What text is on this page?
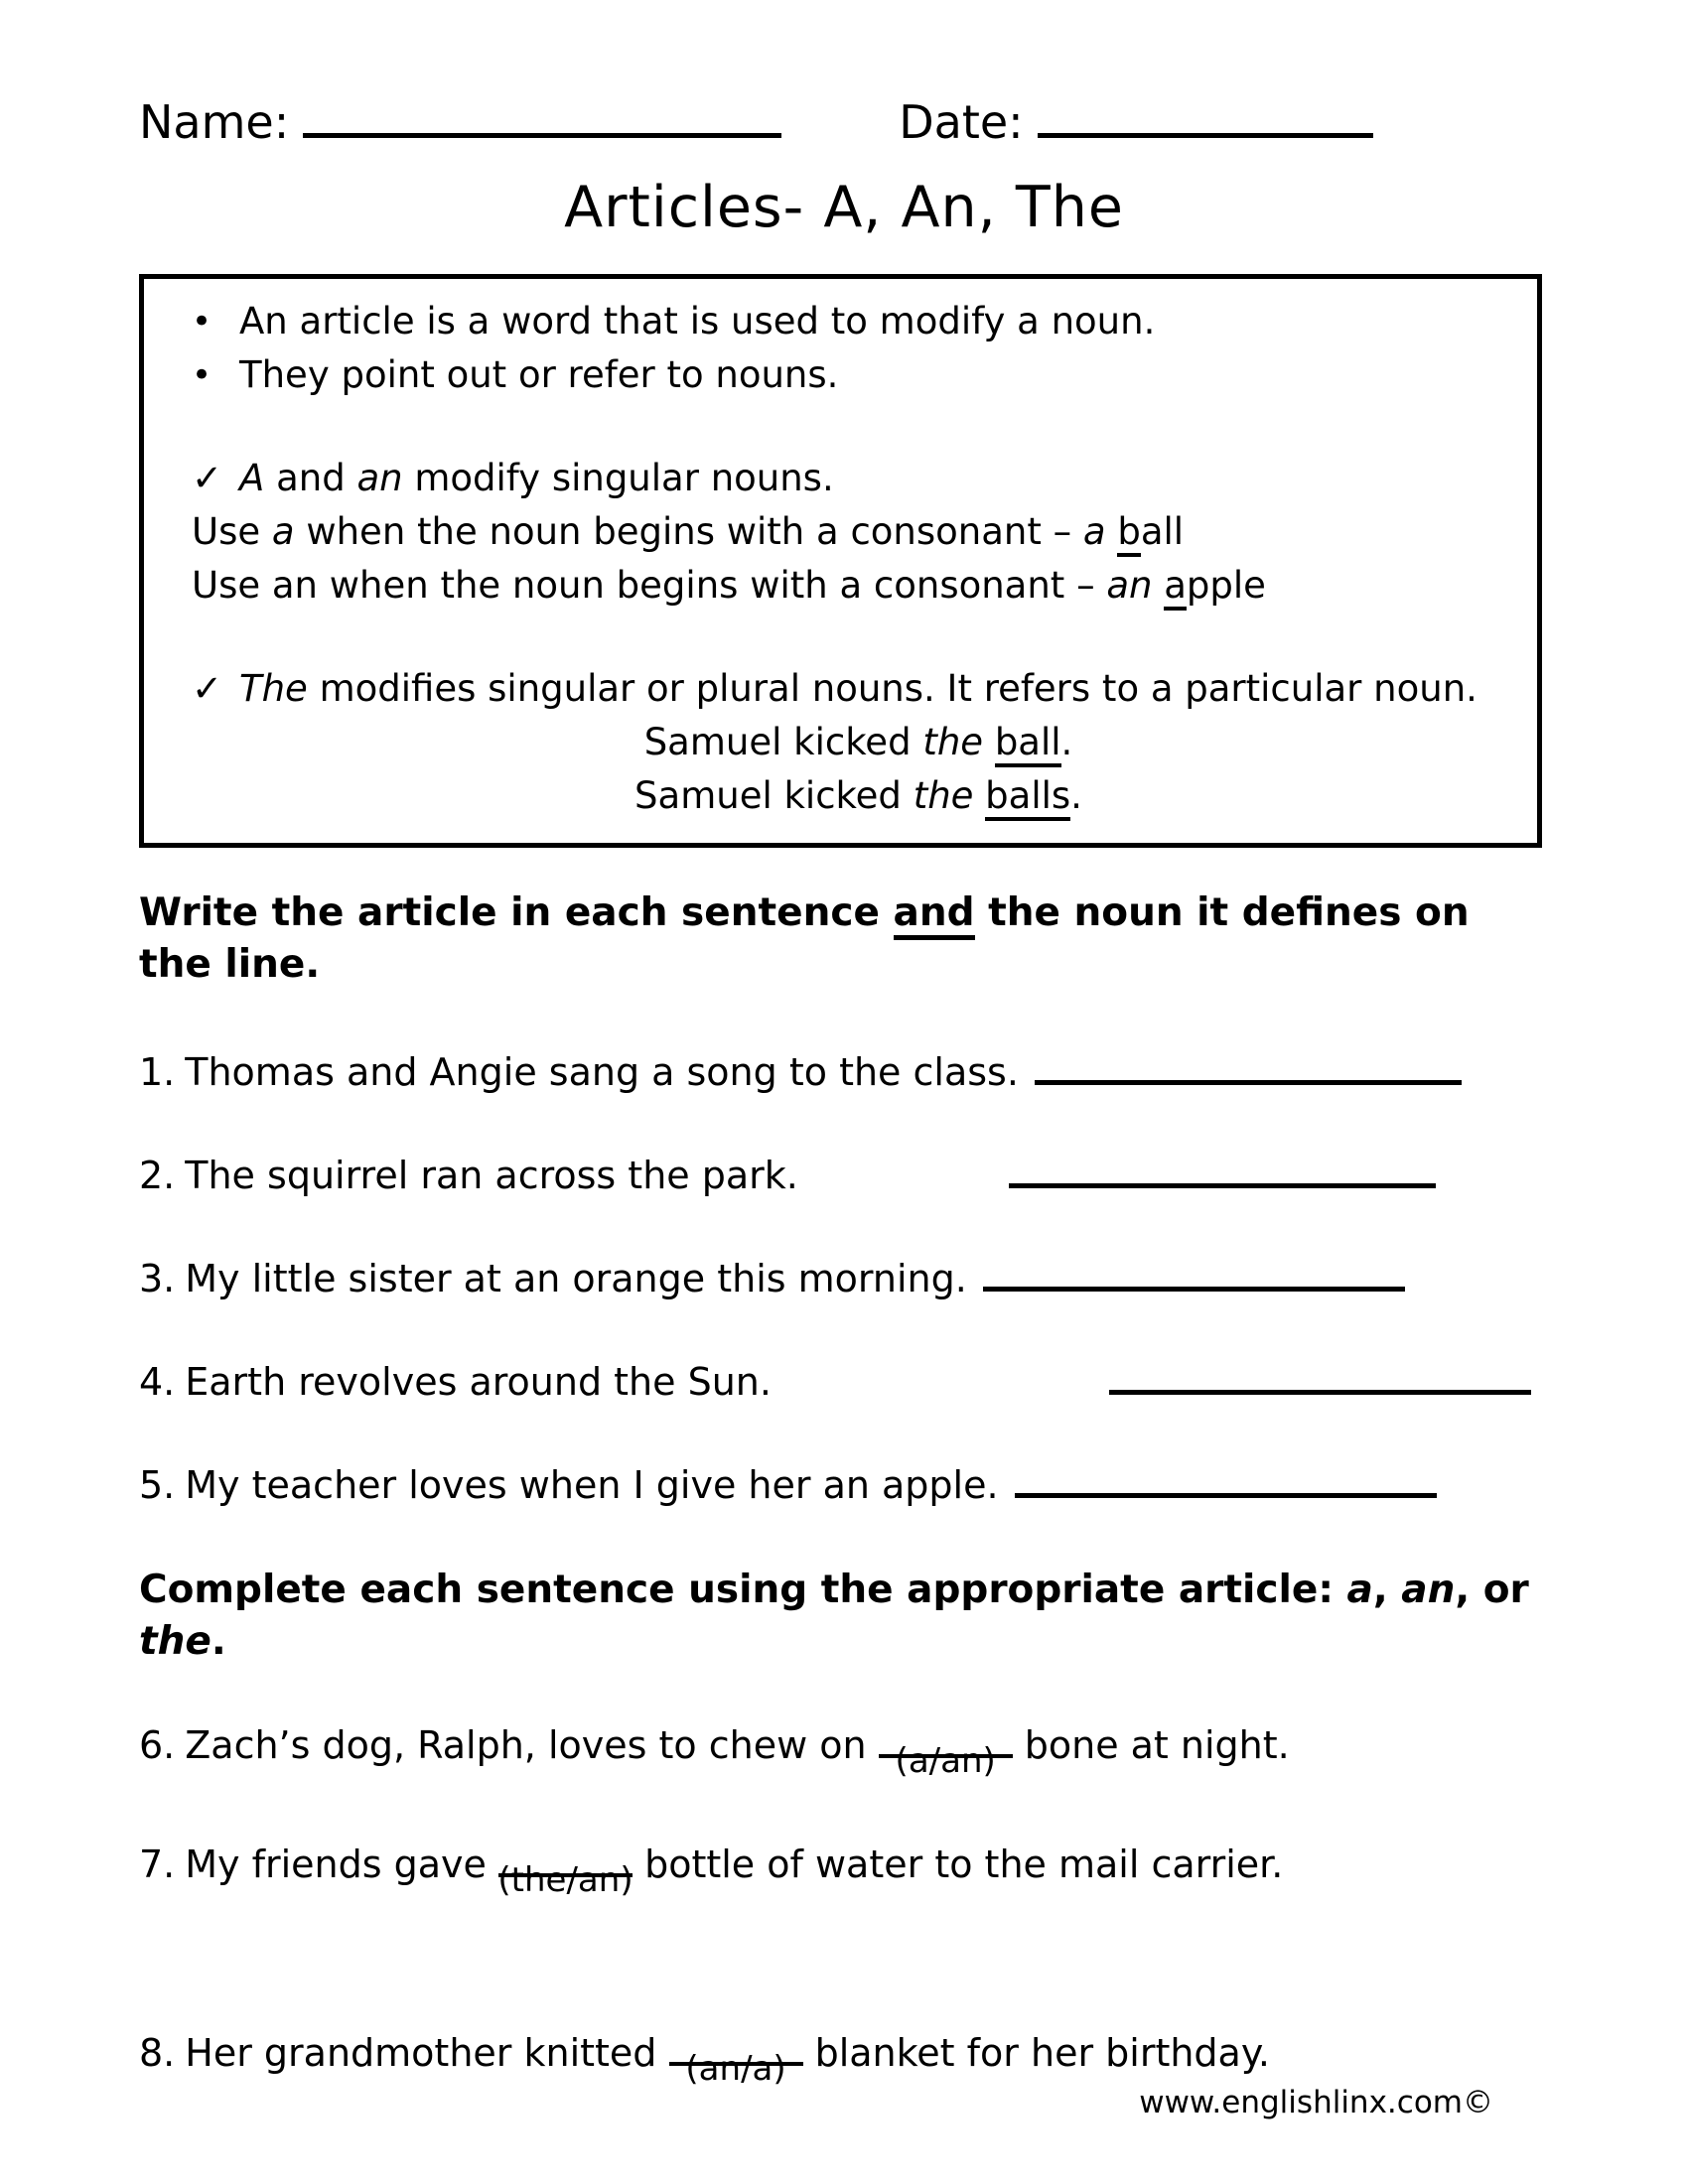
Name:	Date:
Articles- A, An, The
• An article is a word that is used to modify a noun.
• They point out or refer to nouns.
✓ A and an modify singular nouns.
Use a when the noun begins with a consonant – a ball
Use an when the noun begins with a consonant – an apple
✓ The modifies singular or plural nouns. It refers to a particular noun.
Samuel kicked the ball.
Samuel kicked the balls.
Write the article in each sentence and the noun it defines on the line.
1. Thomas and Angie sang a song to the class.
2. The squirrel ran across the park.
3. My little sister at an orange this morning.
4. Earth revolves around the Sun.
5. My teacher loves when I give her an apple.
Complete each sentence using the appropriate article: a, an, or the.
6. Zach’s dog, Ralph, loves to chew on (a/an) bone at night.
7. My friends gave (the/an) bottle of water to the mail carrier.
8. Her grandmother knitted (an/a) blanket for her birthday.
www.englishlinx.com©
